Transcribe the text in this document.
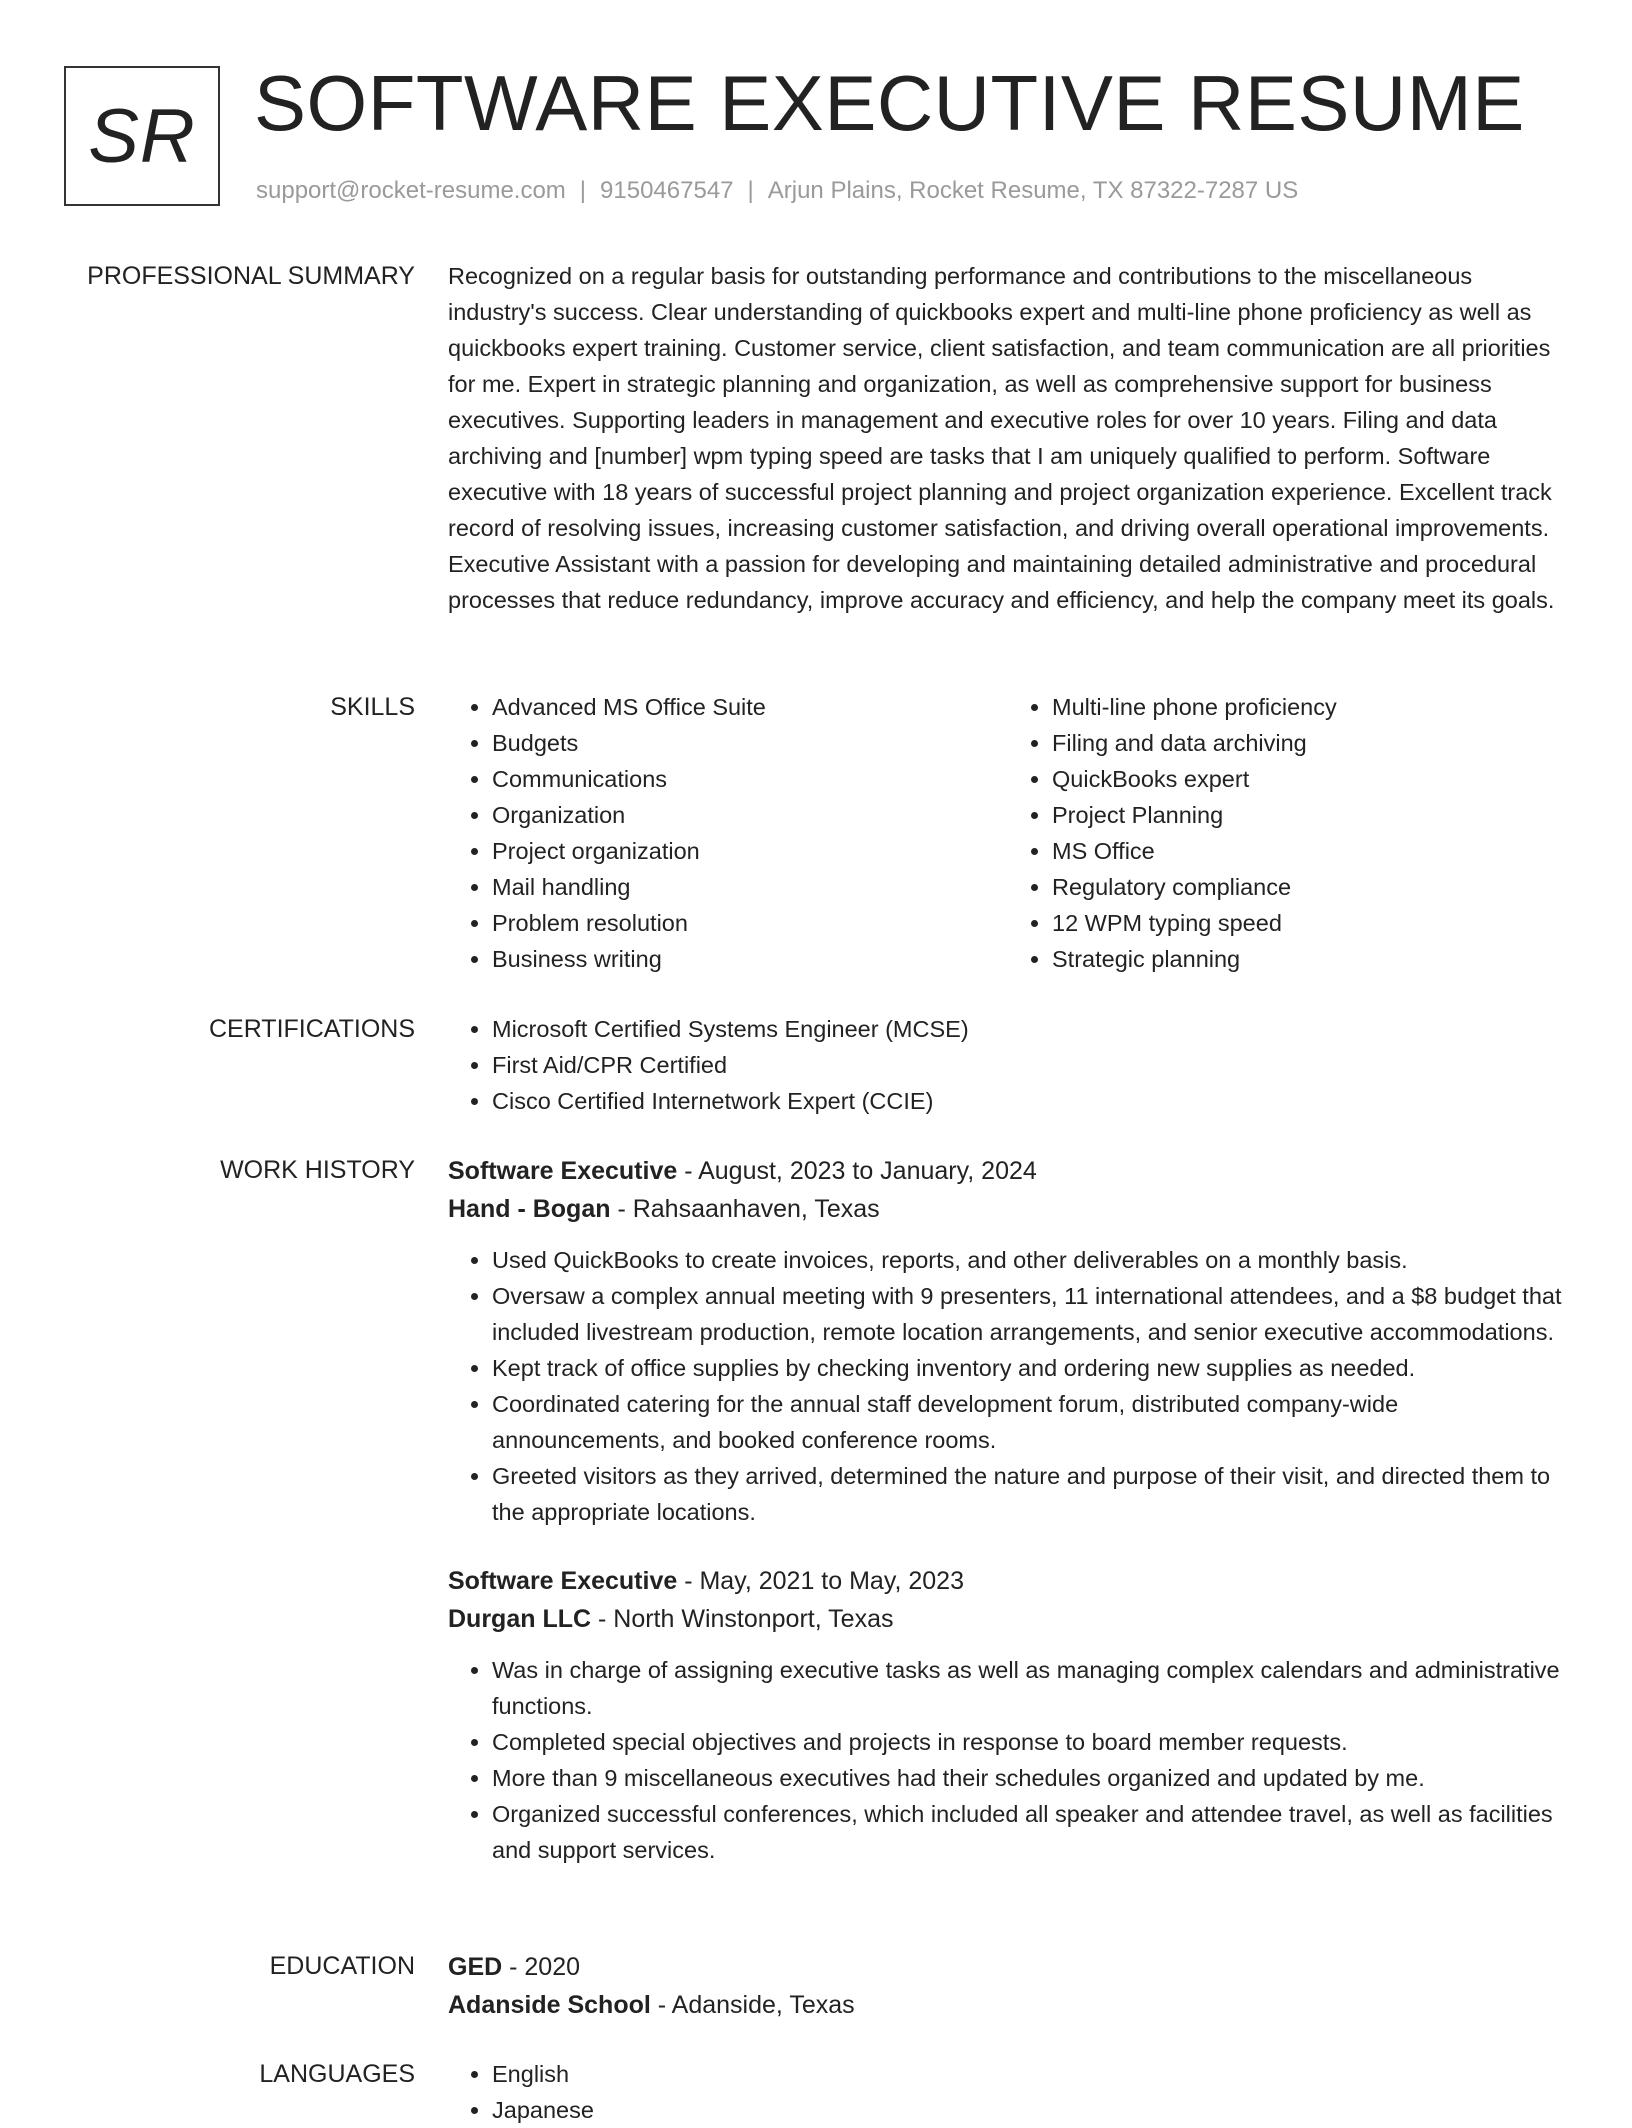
SR SOFTWARE EXECUTIVE RESUME
support@rocket-resume.com | 9150467547 | Arjun Plains, Rocket Resume, TX 87322-7287 US
PROFESSIONAL SUMMARY Recognized on a regular basis for outstanding performance and contributions to the miscellaneous industry's success. Clear understanding of quickbooks expert and multi-line phone proficiency as well as quickbooks expert training. Customer service, client satisfaction, and team communication are all priorities for me. Expert in strategic planning and organization, as well as comprehensive support for business executives. Supporting leaders in management and executive roles for over 10 years. Filing and data archiving and [number] wpm typing speed are tasks that I am uniquely qualified to perform. Software executive with 18 years of successful project planning and project organization experience. Excellent track record of resolving issues, increasing customer satisfaction, and driving overall operational improvements. Executive Assistant with a passion for developing and maintaining detailed administrative and procedural processes that reduce redundancy, improve accuracy and efficiency, and help the company meet its goals.

SKILLS	• Advanced MS Office Suite
• Budgets
• Communications
• Organization
• Project organization
• Mail handling
• Problem resolution
• Business writing
• Multi-line phone proficiency
• Filing and data archiving
• QuickBooks expert
• Project Planning
• MS Office
• Regulatory compliance
• 12 WPM typing speed
• Strategic planning
CERTIFICATIONS	• Microsoft Certified Systems Engineer (MCSE)
• First Aid/CPR Certified
• Cisco Certified Internetwork Expert (CCIE)
WORK HISTORY Software Executive - August, 2023 to January, 2024
Hand - Bogan - Rahsaanhaven, Texas
• Used QuickBooks to create invoices, reports, and other deliverables on a monthly basis.
• Oversaw a complex annual meeting with 9 presenters, 11 international attendees, and a $8 budget that included livestream production, remote location arrangements, and senior executive accommodations.
• Kept track of office supplies by checking inventory and ordering new supplies as needed.
• Coordinated catering for the annual staff development forum, distributed company-wide announcements, and booked conference rooms.
• Greeted visitors as they arrived, determined the nature and purpose of their visit, and directed them to the appropriate locations.
Software Executive - May, 2021 to May, 2023
Durgan LLC - North Winstonport, Texas
• Was in charge of assigning executive tasks as well as managing complex calendars and administrative functions.
• Completed special objectives and projects in response to board member requests.
• More than 9 miscellaneous executives had their schedules organized and updated by me.
• Organized successful conferences, which included all speaker and attendee travel, as well as facilities and support services.
EDUCATION GED - 2020
Adanside School - Adanside, Texas
LANGUAGES	• English
• Japanese
